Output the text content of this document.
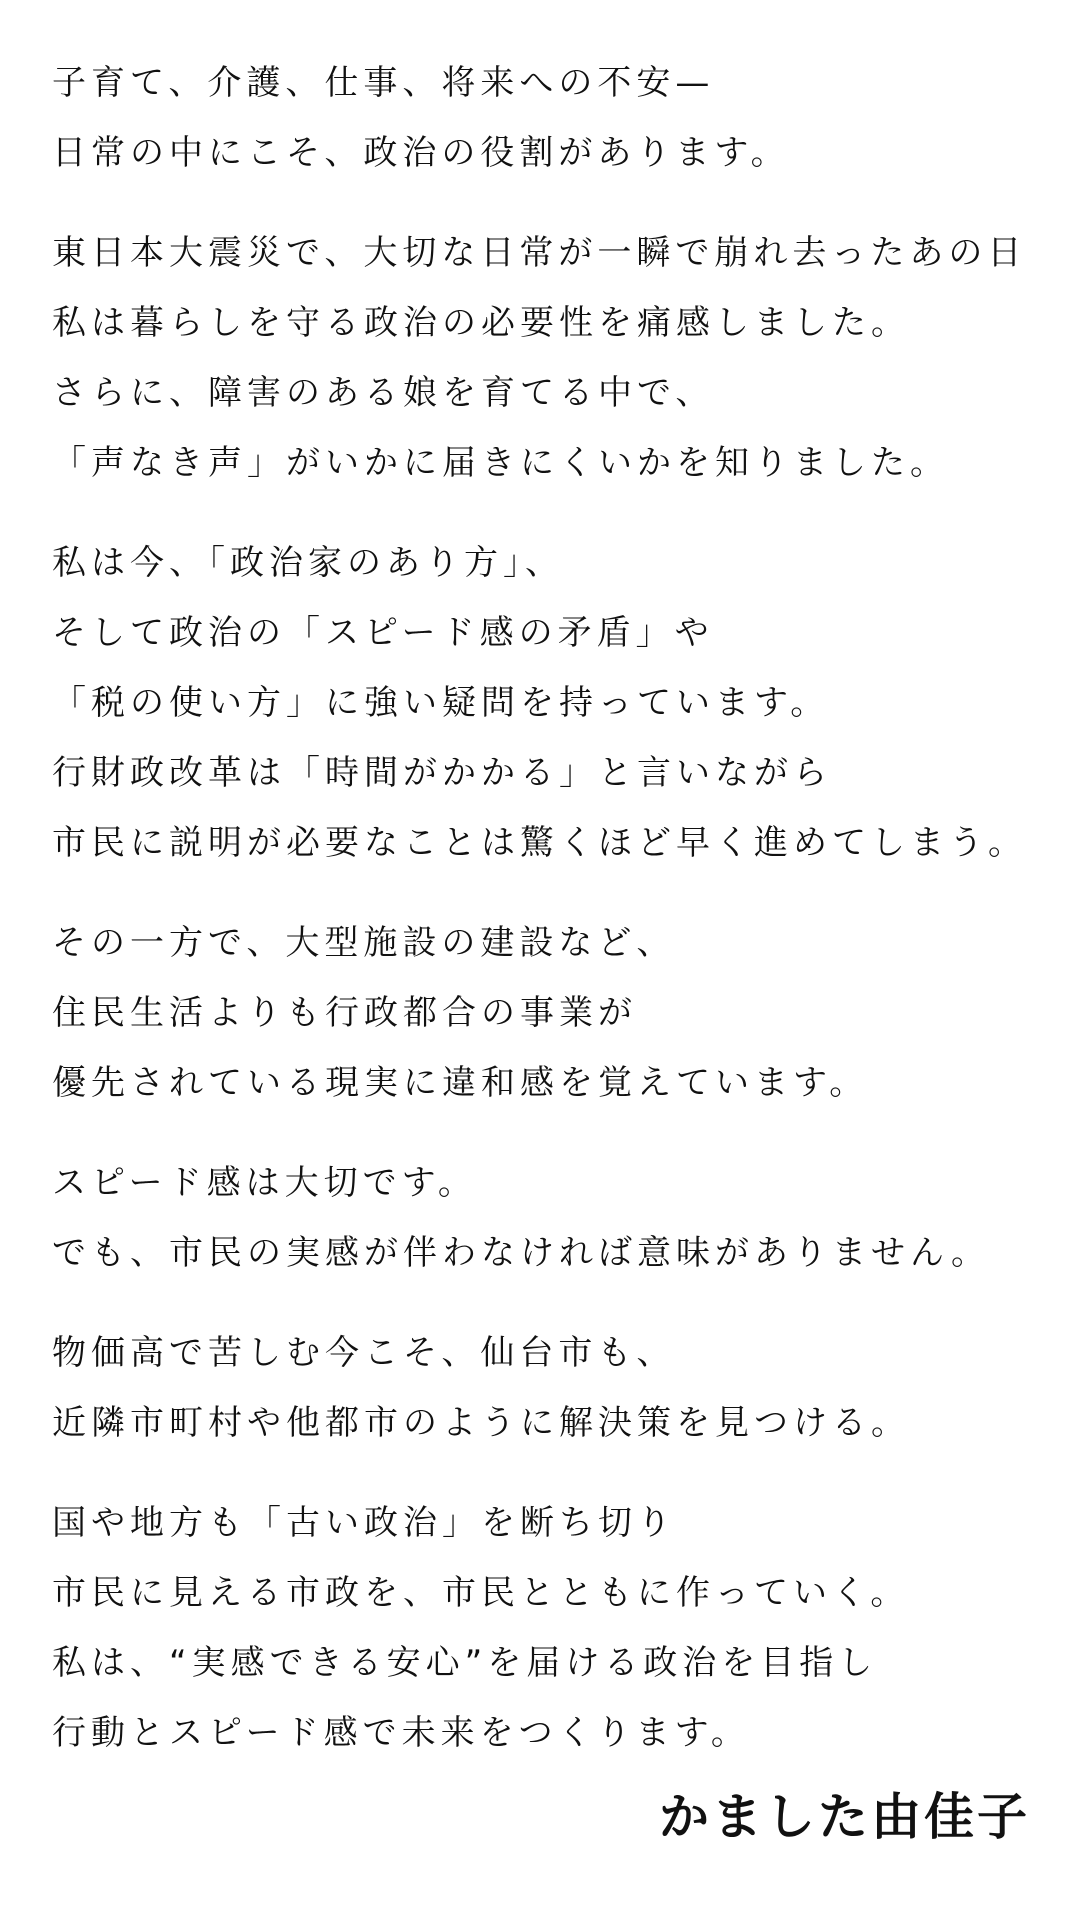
子育て、介護、仕事、将来への不安—
日常の中にこそ、政治の役割があります。
東日本大震災で、大切な日常が一瞬で崩れ去ったあの日
私は暮らしを守る政治の必要性を痛感しました。
さらに、障害のある娘を育てる中で、
「声なき声」がいかに届きにくいかを知りました。
私は今、「政治家のあり方」、
そして政治の「スピード感の矛盾」や
「税の使い方」に強い疑問を持っています。
行財政改革は「時間がかかる」と言いながら
市民に説明が必要なことは驚くほど早く進めてしまう。
その一方で、大型施設の建設など、
住民生活よりも行政都合の事業が
優先されている現実に違和感を覚えています。
スピード感は大切です。
でも、市民の実感が伴わなければ意味がありません。
物価高で苦しむ今こそ、仙台市も、
近隣市町村や他都市のように解決策を見つける。
国や地方も「古い政治」を断ち切り
市民に見える市政を、市民とともに作っていく。
私は、“実感できる安心”を届ける政治を目指し
行動とスピード感で未来をつくります。
かました由佳子
